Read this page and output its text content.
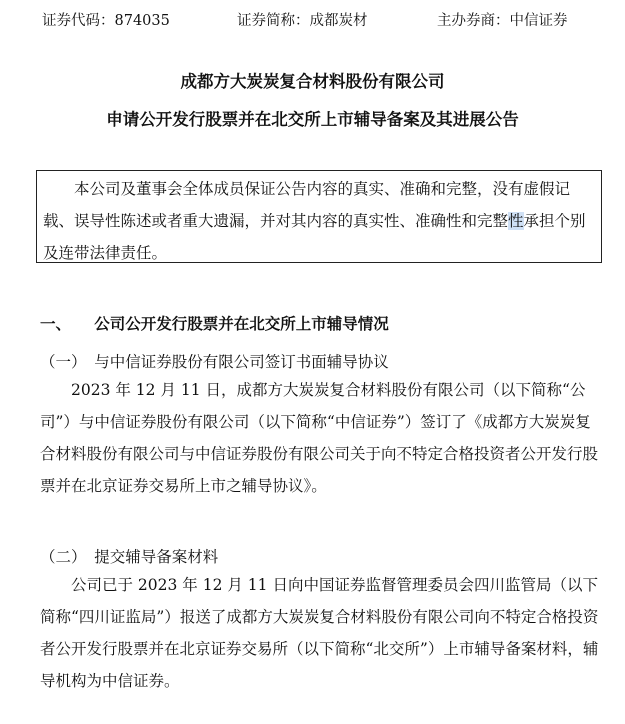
证券代码：874035	证券简称：成都炭材	主办券商：中信证券
成都方大炭炭复合材料股份有限公司
申请公开发行股票并在北交所上市辅导备案及其进展公告

本公司及董事会全体成员保证公告内容的真实、准确和完整，没有虚假记载、误导性陈述或者重大遗漏，并对其内容的真实性、准确性和完整性承担个别及连带法律责任。

一、　　公司公开发行股票并在北交所上市辅导情况
（一）　与中信证券股份有限公司签订书面辅导协议

2023 年 12 月 11 日，成都方大炭炭复合材料股份有限公司（以下简称“公司”）与中信证券股份有限公司（以下简称“中信证券”）签订了《成都方大炭炭复合材料股份有限公司与中信证券股份有限公司关于向不特定合格投资者公开发行股票并在北京证券交易所上市之辅导协议》。

（二）　提交辅导备案材料

公司已于 2023 年 12 月 11 日向中国证券监督管理委员会四川监管局（以下简称“四川证监局”）报送了成都方大炭炭复合材料股份有限公司向不特定合格投资者公开发行股票并在北京证券交易所（以下简称“北交所”）上市辅导备案材料，辅导机构为中信证券。
